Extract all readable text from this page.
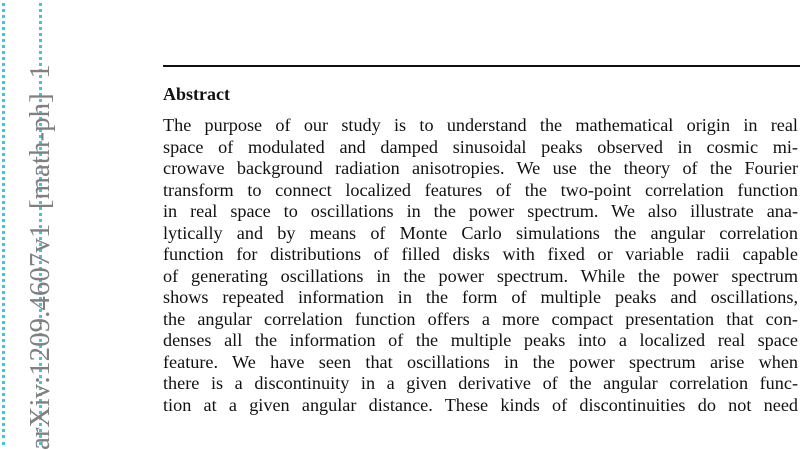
arXiv:1209.4607v1  [math-ph]  1	Abstract
The purpose of our study is to understand the mathematical origin in real
space of modulated and damped sinusoidal peaks observed in cosmic mi-
crowave background radiation anisotropies. We use the theory of the Fourier
transform to connect localized features of the two-point correlation function
in real space to oscillations in the power spectrum. We also illustrate ana-
lytically and by means of Monte Carlo simulations the angular correlation
function for distributions of filled disks with fixed or variable radii capable
of generating oscillations in the power spectrum. While the power spectrum
shows repeated information in the form of multiple peaks and oscillations,
the angular correlation function offers a more compact presentation that con-
denses all the information of the multiple peaks into a localized real space
feature. We have seen that oscillations in the power spectrum arise when
there is a discontinuity in a given derivative of the angular correlation func-
tion at a given angular distance. These kinds of discontinuities do not need
